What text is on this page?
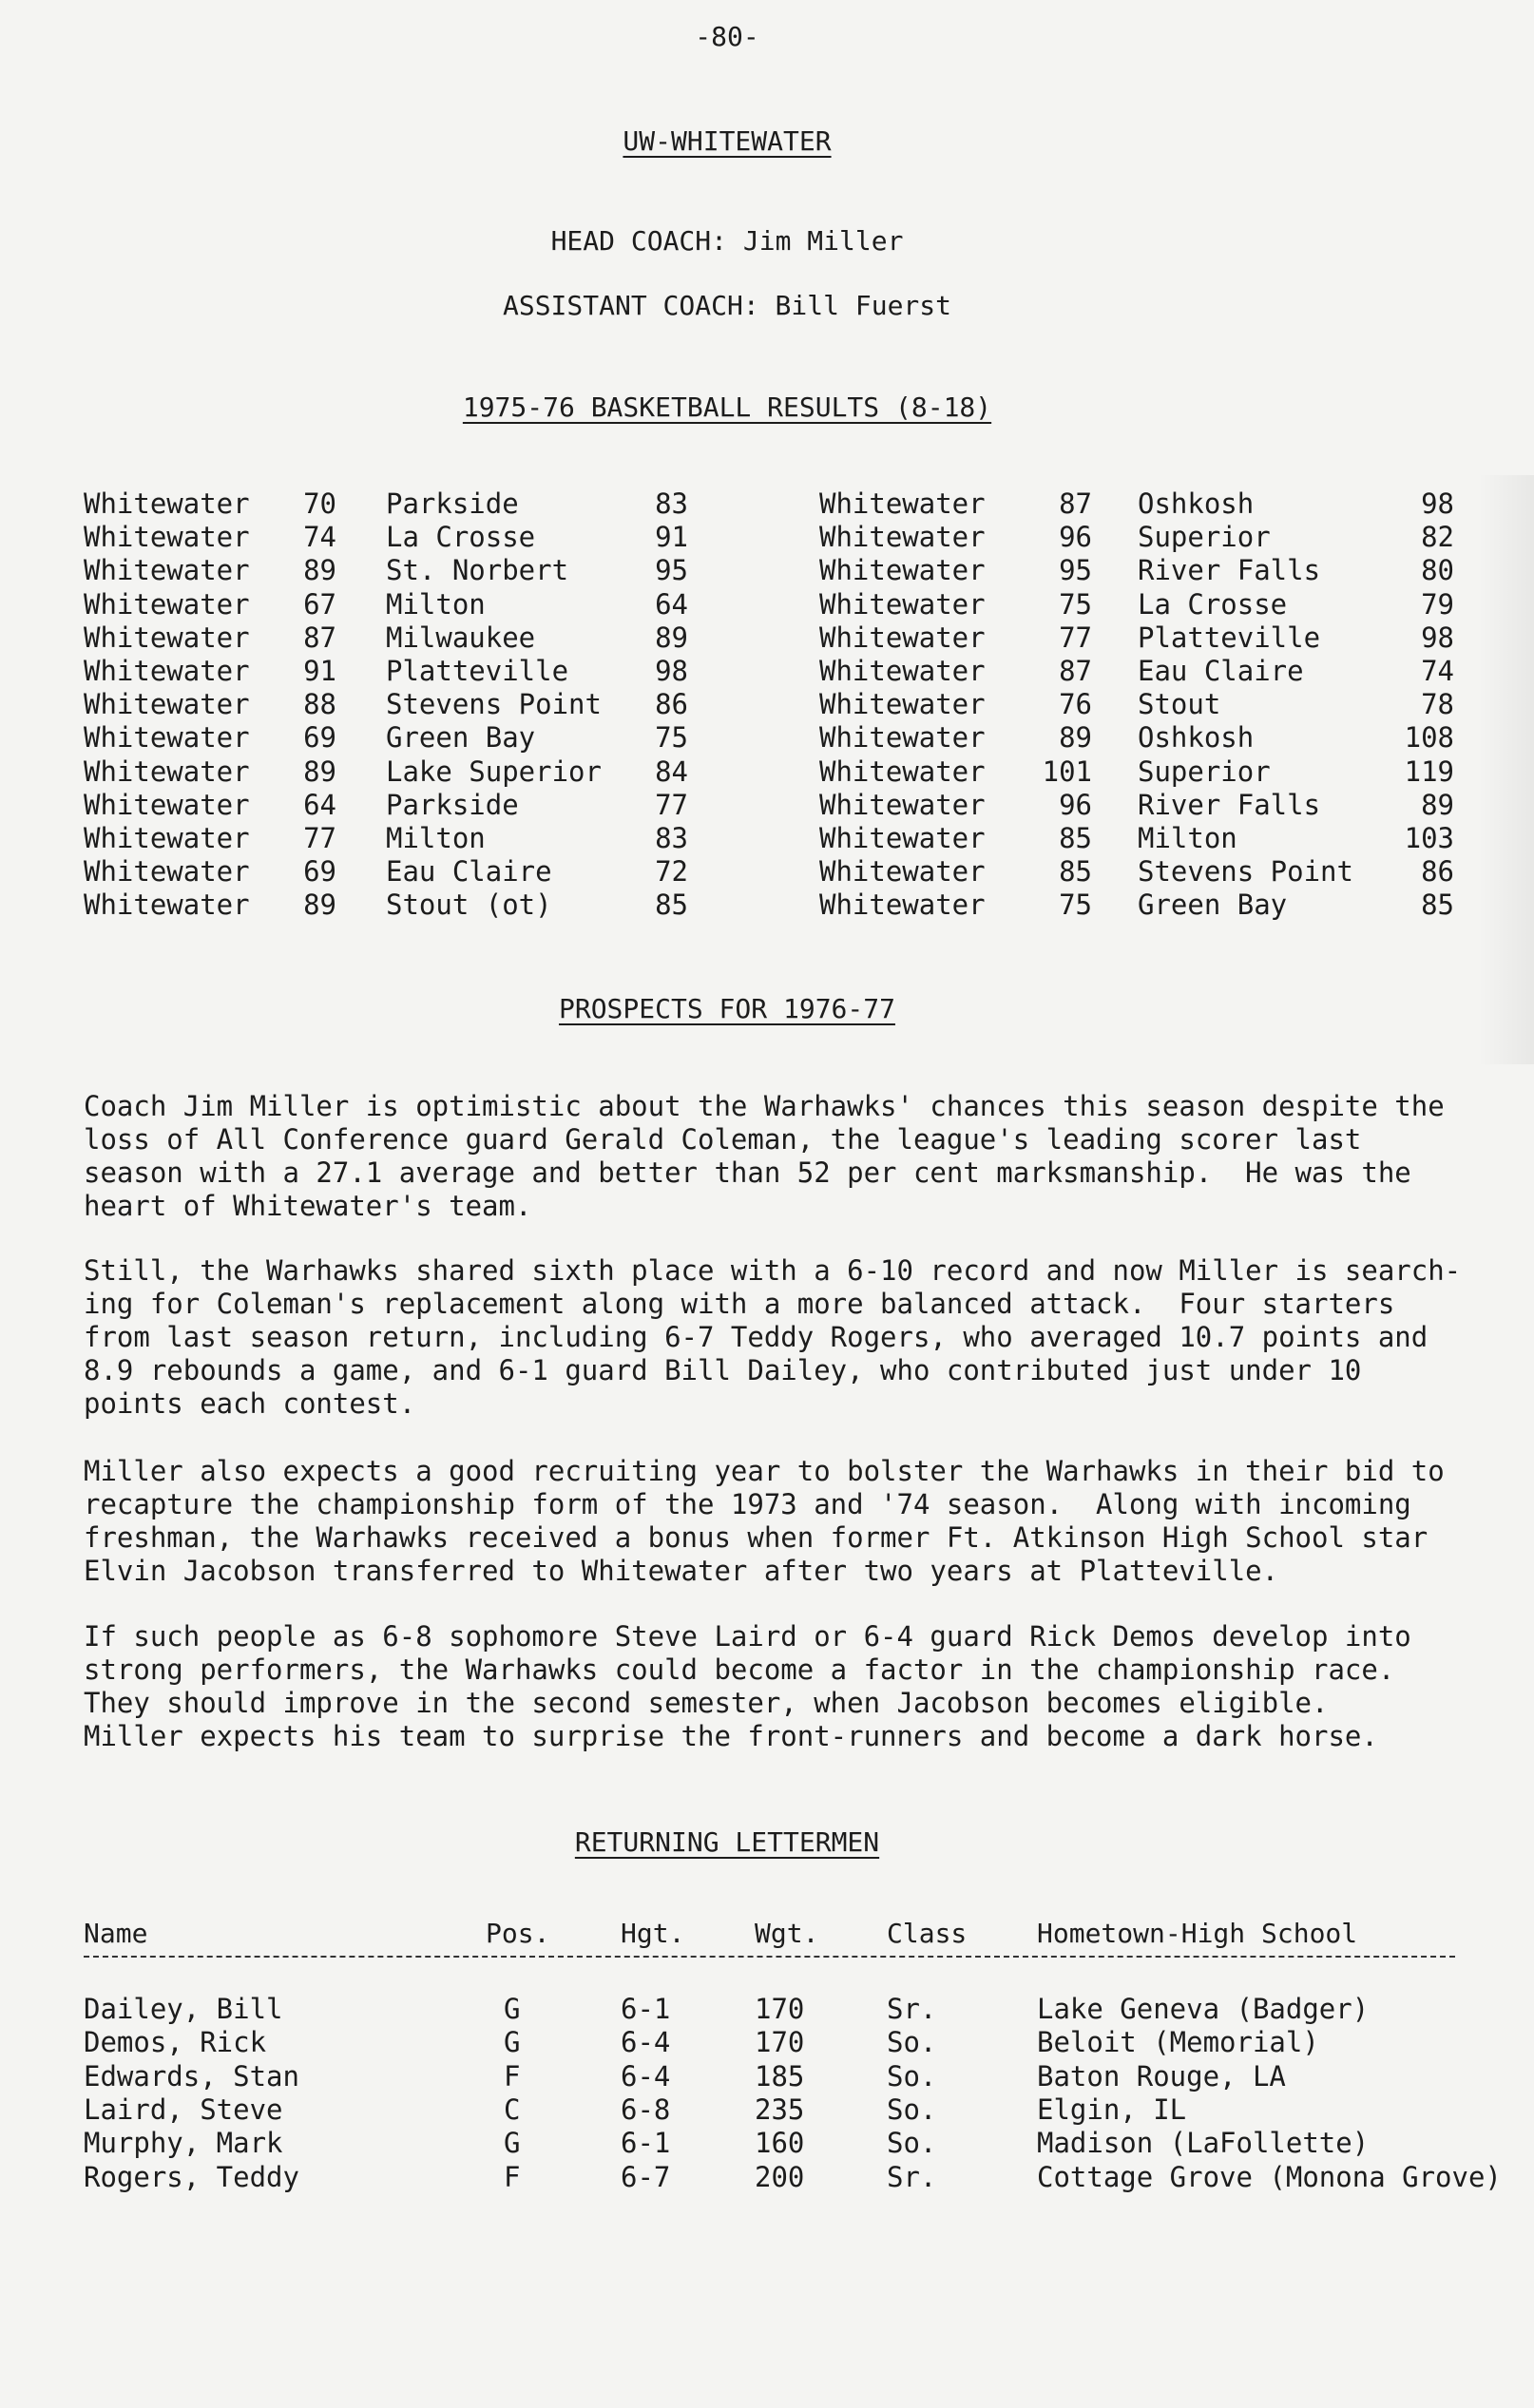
-80-
UW-WHITEWATER
HEAD COACH: Jim Miller
ASSISTANT COACH: Bill Fuerst
1975-76 BASKETBALL RESULTS (8-18)
Whitewater	70 Parkside	83
Whitewater	74 La Crosse	91
Whitewater	89 St. Norbert	95
Whitewater	67 Milton	64
Whitewater	87 Milwaukee	89
Whitewater	91 Platteville	98
Whitewater	88 Stevens Point	86
Whitewater	69 Green Bay	75
Whitewater	89 Lake Superior	84
Whitewater	64 Parkside	77
Whitewater	77 Milton	83
Whitewater	69 Eau Claire	72
Whitewater	89 Stout (ot)	85
Whitewater	87 Oshkosh	98
Whitewater	96 Superior	82
Whitewater	95 River Falls	80
Whitewater	75 La Crosse	79
Whitewater	77 Platteville	98
Whitewater	87 Eau Claire	74
Whitewater	76 Stout	78
Whitewater	89 Oshkosh	108
Whitewater	101 Superior	119
Whitewater	96 River Falls	89
Whitewater	85 Milton	103
Whitewater	85 Stevens Point	86
Whitewater	75 Green Bay	85
PROSPECTS FOR 1976-77
Coach Jim Miller is optimistic about the Warhawks' chances this season despite the
loss of All Conference guard Gerald Coleman, the league's leading scorer last
season with a 27.1 average and better than 52 per cent marksmanship.  He was the
heart of Whitewater's team.
Still, the Warhawks shared sixth place with a 6-10 record and now Miller is search-
ing for Coleman's replacement along with a more balanced attack.  Four starters
from last season return, including 6-7 Teddy Rogers, who averaged 10.7 points and
8.9 rebounds a game, and 6-1 guard Bill Dailey, who contributed just under 10
points each contest.
Miller also expects a good recruiting year to bolster the Warhawks in their bid to
recapture the championship form of the 1973 and '74 season.  Along with incoming
freshman, the Warhawks received a bonus when former Ft. Atkinson High School star
Elvin Jacobson transferred to Whitewater after two years at Platteville.
If such people as 6-8 sophomore Steve Laird or 6-4 guard Rick Demos develop into
strong performers, the Warhawks could become a factor in the championship race.
They should improve in the second semester, when Jacobson becomes eligible.
Miller expects his team to surprise the front-runners and become a dark horse.
RETURNING LETTERMEN
Name	Pos.	Hgt.	Wgt.	Class	Hometown-High School
Dailey, Bill	G	6-1	170	Sr.	Lake Geneva (Badger)
Demos, Rick	G	6-4	170	So.	Beloit (Memorial)
Edwards, Stan	F	6-4	185	So.	Baton Rouge, LA
Laird, Steve	C	6-8	235	So.	Elgin, IL
Murphy, Mark	G	6-1	160	So.	Madison (LaFollette)
Rogers, Teddy	F	6-7	200	Sr.	Cottage Grove (Monona Grove)
